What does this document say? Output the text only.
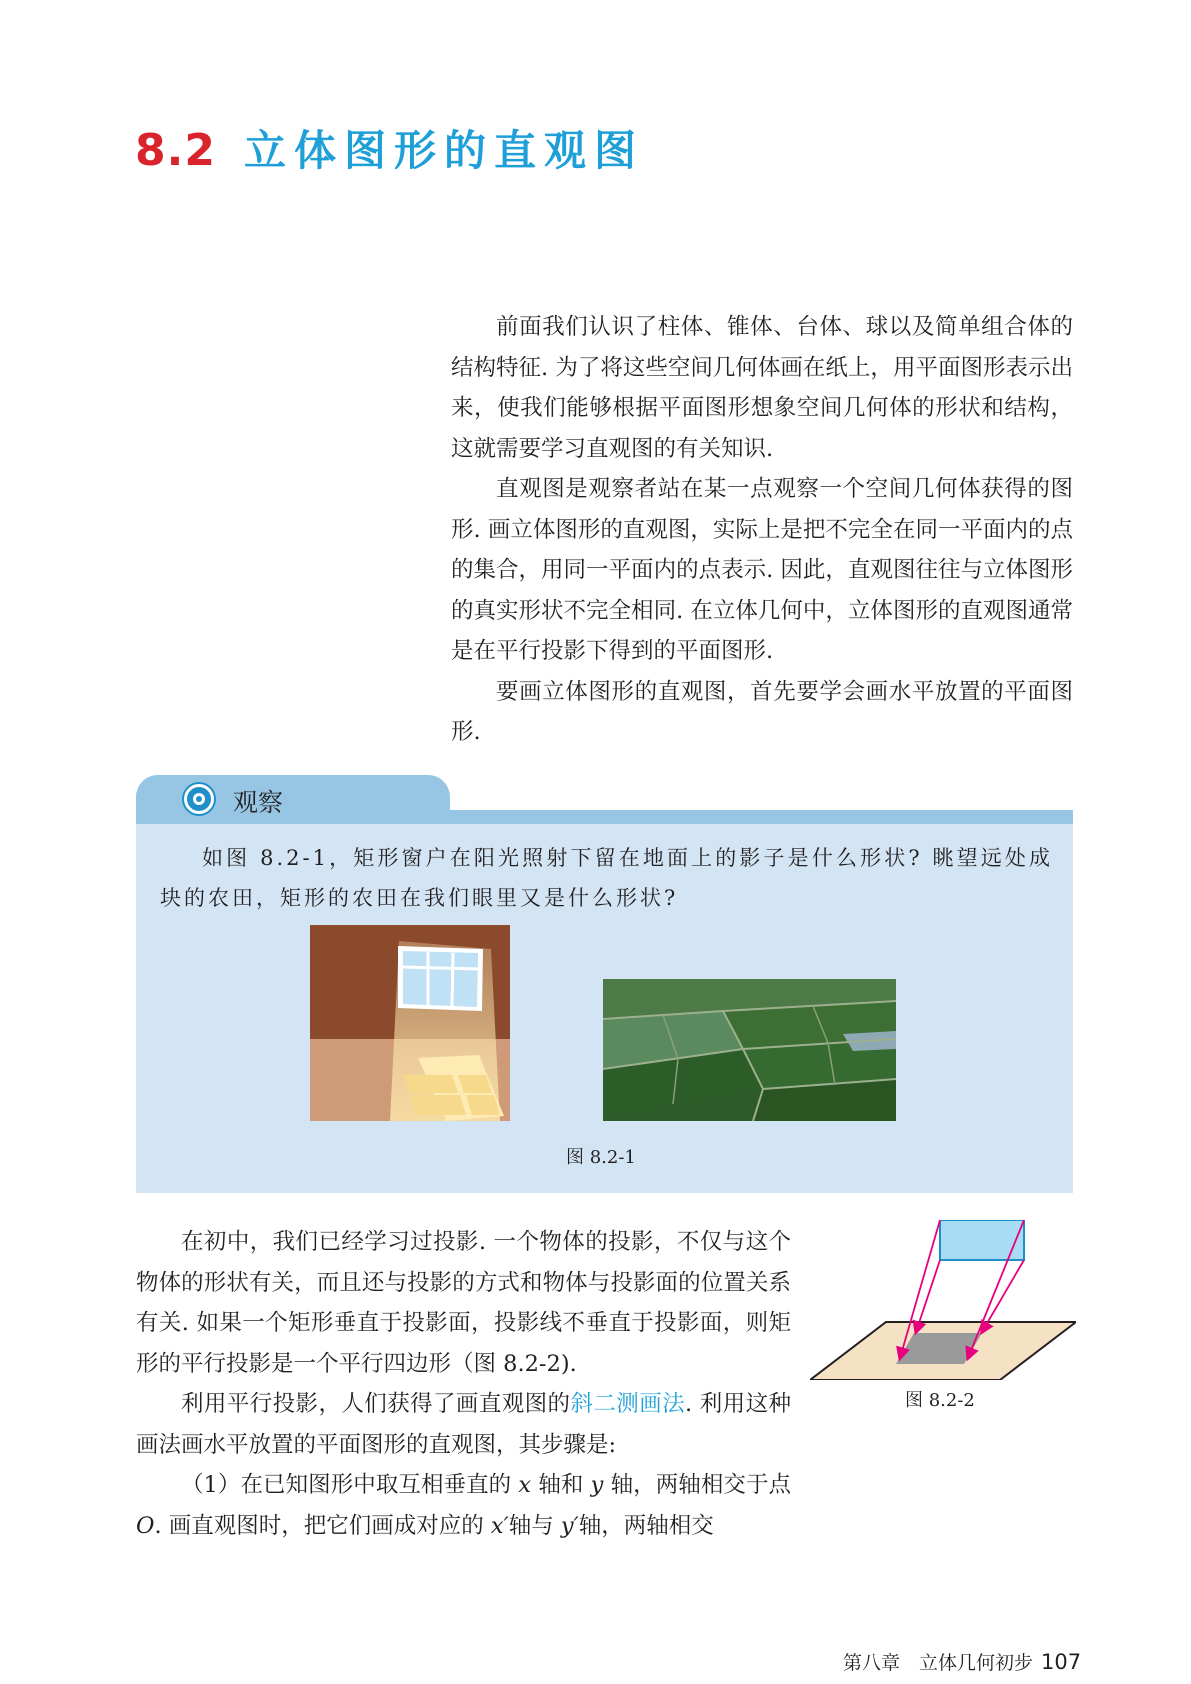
8.2 立体图形的直观图

前面我们认识了柱体、锥体、台体、球以及简单组合体的结构特征. 为了将这些空间几何体画在纸上，用平面图形表示出来，使我们能够根据平面图形想象空间几何体的形状和结构，这就需要学习直观图的有关知识.

直观图是观察者站在某一点观察一个空间几何体获得的图形. 画立体图形的直观图，实际上是把不完全在同一平面内的点的集合，用同一平面内的点表示. 因此，直观图往往与立体图形的真实形状不完全相同. 在立体几何中，立体图形的直观图通常是在平行投影下得到的平面图形.

要画立体图形的直观图，首先要学会画水平放置的平面图形.

观察

如图 8.2-1，矩形窗户在阳光照射下留在地面上的影子是什么形状? 眺望远处成块的农田，矩形的农田在我们眼里又是什么形状?

图 8.2-1

在初中，我们已经学习过投影. 一个物体的投影，不仅与这个物体的形状有关，而且还与投影的方式和物体与投影面的位置关系有关. 如果一个矩形垂直于投影面，投影线不垂直于投影面，则矩形的平行投影是一个平行四边形（图 8.2-2).

利用平行投影，人们获得了画直观图的斜二测画法. 利用这种画法画水平放置的平面图形的直观图，其步骤是:

（1）在已知图形中取互相垂直的 x 轴和 y 轴，两轴相交于点 O. 画直观图时，把它们画成对应的 x′轴与 y′轴，两轴相交

图 8.2-2
第八章　立体几何初步 107
